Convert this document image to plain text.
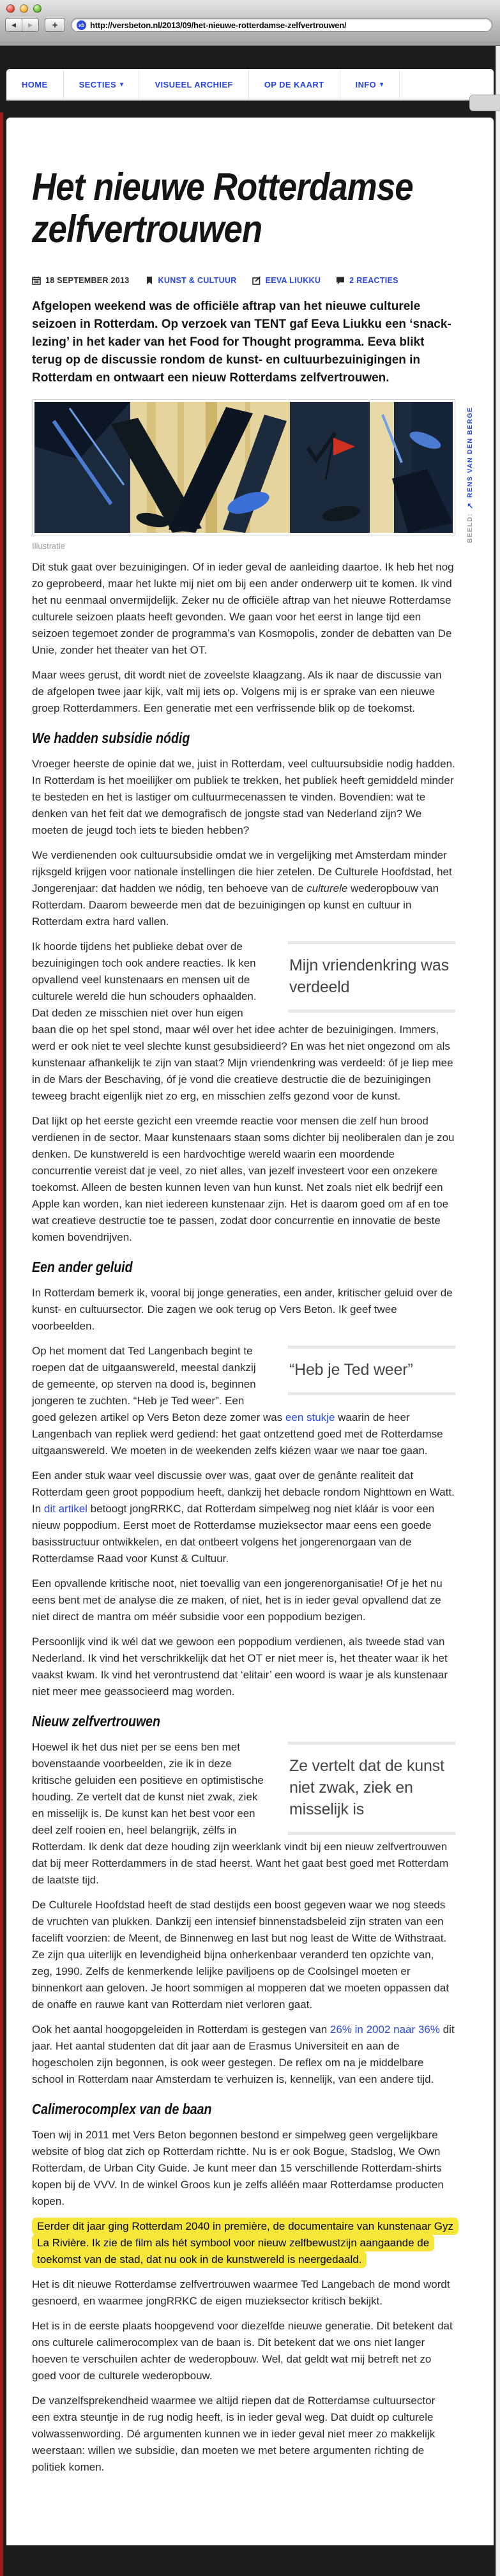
◀	▶	+	vb http://versbeton.nl/2013/09/het-nieuwe-rotterdamse-zelfvertrouwen/
HOME	SECTIES ▾	VISUEEL ARCHIEF	OP DE KAART	INFO ▾
Het nieuwe Rotterdamse
zelfvertrouwen
18 SEPTEMBER 2013	KUNST & CULTUUR	EEVA LIUKKU	2 REACTIES

Afgelopen weekend was de officiële aftrap van het nieuwe culturele seizoen in Rotterdam. Op verzoek van TENT gaf Eeva Liukku een ‘snack-lezing’ in het kader van het Food for Thought programma. Eeva blikt terug op de discussie rondom de kunst- en cultuurbezuinigingen in Rotterdam en ontwaart een nieuw Rotterdams zelfvertrouwen.

BEELD:
↗
RENS VAN DEN BERGE
Illustratie

Dit stuk gaat over bezuinigingen. Of in ieder geval de aanleiding daartoe. Ik heb het nog zo geprobeerd, maar het lukte mij niet om bij een ander onderwerp uit te komen. Ik vind het nu eenmaal onvermijdelijk. Zeker nu de officiële aftrap van het nieuwe Rotterdamse culturele seizoen plaats heeft gevonden. We gaan voor het eerst in lange tijd een seizoen tegemoet zonder de programma’s van Kosmopolis, zonder de debatten van De Unie, zonder het theater van het OT.

Maar wees gerust, dit wordt niet de zoveelste klaagzang. Als ik naar de discussie van de afgelopen twee jaar kijk, valt mij iets op. Volgens mij is er sprake van een nieuwe groep Rotterdammers. Een generatie met een verfrissende blik op de toekomst.

We hadden subsidie nódig

Vroeger heerste de opinie dat we, juist in Rotterdam, veel cultuursubsidie nodig hadden. In Rotterdam is het moeilijker om publiek te trekken, het publiek heeft gemiddeld minder te besteden en het is lastiger om cultuurmecenassen te vinden. Bovendien: wat te denken van het feit dat we demografisch de jongste stad van Nederland zijn? We moeten de jeugd toch iets te bieden hebben?

We verdienenden ook cultuursubsidie omdat we in vergelijking met Amsterdam minder rijksgeld krijgen voor nationale instellingen die hier zetelen. De Culturele Hoofdstad, het Jongerenjaar: dat hadden we nódig, ten behoeve van de culturele wederopbouw van Rotterdam. Daarom beweerde men dat de bezuinigingen op kunst en cultuur in Rotterdam extra hard vallen.

Mijn vriendenkring was verdeeld
Ik hoorde tijdens het publieke debat over de bezuinigingen toch ook andere reacties. Ik ken opvallend veel kunstenaars en mensen uit de culturele wereld die hun schouders ophaalden. Dat deden ze misschien niet over hun eigen baan die op het spel stond, maar wél over het idee achter de bezuinigingen. Immers, werd er ook niet te veel slechte kunst gesubsidieerd? En was het niet ongezond om als kunstenaar afhankelijk te zijn van staat? Mijn vriendenkring was verdeeld: óf je liep mee in de Mars der Beschaving, óf je vond die creatieve destructie die de bezuinigingen teweeg bracht eigenlijk niet zo erg, en misschien zelfs gezond voor de kunst.

Dat lijkt op het eerste gezicht een vreemde reactie voor mensen die zelf hun brood verdienen in de sector. Maar kunstenaars staan soms dichter bij neoliberalen dan je zou denken. De kunstwereld is een hardvochtige wereld waarin een moordende concurrentie vereist dat je veel, zo niet alles, van jezelf investeert voor een onzekere toekomst. Alleen de besten kunnen leven van hun kunst. Net zoals niet elk bedrijf een Apple kan worden, kan niet iedereen kunstenaar zijn. Het is daarom goed om af en toe wat creatieve destructie toe te passen, zodat door concurrentie en innovatie de beste komen bovendrijven.

Een ander geluid

In Rotterdam bemerk ik, vooral bij jonge generaties, een ander, kritischer geluid over de kunst- en cultuursector. Die zagen we ook terug op Vers Beton. Ik geef twee voorbeelden.

“Heb je Ted weer”
Op het moment dat Ted Langenbach begint te roepen dat de uitgaanswereld, meestal dankzij de gemeente, op sterven na dood is, beginnen jongeren te zuchten. “Heb je Ted weer”. Een goed gelezen artikel op Vers Beton deze zomer was een stukje waarin de heer Langenbach van repliek werd gediend: het gaat ontzettend goed met de Rotterdamse uitgaanswereld. We moeten in de weekenden zelfs kiézen waar we naar toe gaan.

Een ander stuk waar veel discussie over was, gaat over de genânte realiteit dat Rotterdam geen groot poppodium heeft, dankzij het debacle rondom Nighttown en Watt. In dit artikel betoogt jongRRKC, dat Rotterdam simpelweg nog niet kláár is voor een nieuw poppodium. Eerst moet de Rotterdamse muzieksector maar eens een goede basisstructuur ontwikkelen, en dat ontbeert volgens het jongerenorgaan van de Rotterdamse Raad voor Kunst & Cultuur.

Een opvallende kritische noot, niet toevallig van een jongerenorganisatie! Of je het nu eens bent met de analyse die ze maken, of niet, het is in ieder geval opvallend dat ze niet direct de mantra om méér subsidie voor een poppodium bezigen.

Persoonlijk vind ik wél dat we gewoon een poppodium verdienen, als tweede stad van Nederland. Ik vind het verschrikkelijk dat het OT er niet meer is, het theater waar ik het vaakst kwam. Ik vind het verontrustend dat ‘elitair’ een woord is waar je als kunstenaar niet meer mee geassocieerd mag worden.

Nieuw zelfvertrouwen

Ze vertelt dat de kunst niet zwak, ziek en misselijk is
Hoewel ik het dus niet per se eens ben met bovenstaande voorbeelden, zie ik in deze kritische geluiden een positieve en optimistische houding. Ze vertelt dat de kunst niet zwak, ziek en misselijk is. De kunst kan het best voor een deel zelf rooien en, heel belangrijk, zélfs in Rotterdam. Ik denk dat deze houding zijn weerklank vindt bij een nieuw zelfvertrouwen dat bij meer Rotterdammers in de stad heerst. Want het gaat best goed met Rotterdam de laatste tijd.

De Culturele Hoofdstad heeft de stad destijds een boost gegeven waar we nog steeds de vruchten van plukken. Dankzij een intensief binnenstadsbeleid zijn straten van een facelift voorzien: de Meent, de Binnenweg en last but nog least de Witte de Withstraat. Ze zijn qua uiterlijk en levendigheid bijna onherkenbaar veranderd ten opzichte van, zeg, 1990. Zelfs de kenmerkende lelijke paviljoens op de Coolsingel moeten er binnenkort aan geloven. Je hoort sommigen al mopperen dat we moeten oppassen dat de onaffe en rauwe kant van Rotterdam niet verloren gaat.

Ook het aantal hoogopgeleiden in Rotterdam is gestegen van 26% in 2002 naar 36% dit jaar. Het aantal studenten dat dit jaar aan de Erasmus Universiteit en aan de hogescholen zijn begonnen, is ook weer gestegen. De reflex om na je middelbare school in Rotterdam naar Amsterdam te verhuizen is, kennelijk, van een andere tijd.

Calimerocomplex van de baan

Toen wij in 2011 met Vers Beton begonnen bestond er simpelweg geen vergelijkbare website of blog dat zich op Rotterdam richtte. Nu is er ook Bogue, Stadslog, We Own Rotterdam, de Urban City Guide. Je kunt meer dan 15 verschillende Rotterdam-shirts kopen bij de VVV. In de winkel Groos kun je zelfs alléén maar Rotterdamse producten kopen.

Eerder dit jaar ging Rotterdam 2040 in première, de documentaire van kunstenaar Gyz La Rivière. Ik zie de film als hét symbool voor nieuw zelfbewustzijn aangaande de toekomst van de stad, dat nu ook in de kunstwereld is neergedaald.

Het is dit nieuwe Rotterdamse zelfvertrouwen waarmee Ted Langebach de mond wordt gesnoerd, en waarmee jongRRKC de eigen muzieksector kritisch bekijkt.

Het is in de eerste plaats hoopgevend voor diezelfde nieuwe generatie. Dit betekent dat ons culturele calimerocomplex van de baan is. Dit betekent dat we ons niet langer hoeven te verschuilen achter de wederopbouw. Wel, dat geldt wat mij betreft net zo goed voor de culturele wederopbouw.

De vanzelfsprekendheid waarmee we altijd riepen dat de Rotterdamse cultuursector een extra steuntje in de rug nodig heeft, is in ieder geval weg. Dat duidt op culturele volwassenwording. Dé argumenten kunnen we in ieder geval niet meer zo makkelijk weerstaan: willen we subsidie, dan moeten we met betere argumenten richting de politiek komen.
